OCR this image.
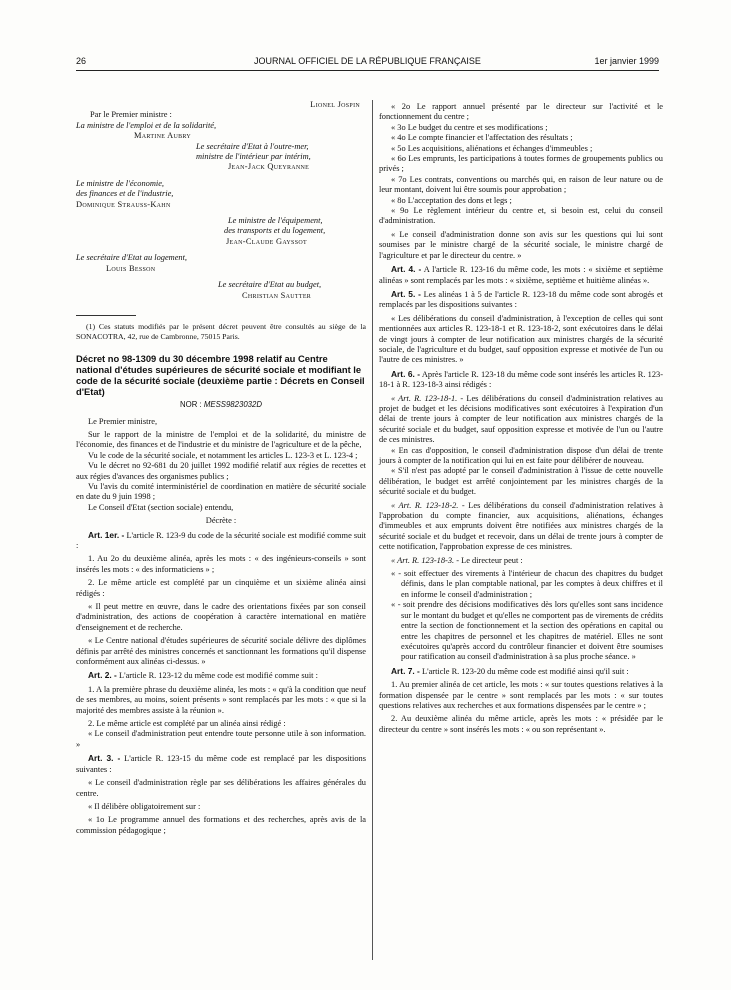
26	JOURNAL OFFICIEL DE LA RÉPUBLIQUE FRANÇAISE	1er janvier 1999

Lionel Jospin

Par le Premier ministre :

La ministre de l'emploi et de la solidarité,

Martine Aubry

Le secrétaire d'Etat à l'outre-mer,

ministre de l'intérieur par intérim,

Jean-Jack Queyranne

Le ministre de l'économie,

des finances et de l'industrie,

Dominique Strauss-Kahn

Le ministre de l'équipement,

des transports et du logement,

Jean-Claude Gayssot

Le secrétaire d'Etat au logement,

Louis Besson

Le secrétaire d'Etat au budget,

Christian Sautter

(1) Ces statuts modifiés par le présent décret peuvent être consultés au siège de la SONACOTRA, 42, rue de Cambronne, 75015 Paris.

Décret no 98-1309 du 30 décembre 1998 relatif au Centre national d'études supérieures de sécurité sociale et modifiant le code de la sécurité sociale (deuxième partie : Décrets en Conseil d'Etat)

NOR : MESS9823032D

Le Premier ministre,

Sur le rapport de la ministre de l'emploi et de la solidarité, du ministre de l'économie, des finances et de l'industrie et du ministre de l'agriculture et de la pêche,

Vu le code de la sécurité sociale, et notamment les articles L. 123-3 et L. 123-4 ;

Vu le décret no 92-681 du 20 juillet 1992 modifié relatif aux régies de recettes et aux régies d'avances des organismes publics ;

Vu l'avis du comité interministériel de coordination en matière de sécurité sociale en date du 9 juin 1998 ;

Le Conseil d'Etat (section sociale) entendu,

Décrète :

Art. 1er. - L'article R. 123-9 du code de la sécurité sociale est modifié comme suit :

1. Au 2o du deuxième alinéa, après les mots : « des ingénieurs-conseils » sont insérés les mots : « des informaticiens » ;

2. Le même article est complété par un cinquième et un sixième alinéa ainsi rédigés :

« Il peut mettre en œuvre, dans le cadre des orientations fixées par son conseil d'administration, des actions de coopération à caractère international en matière d'enseignement et de recherche.

« Le Centre national d'études supérieures de sécurité sociale délivre des diplômes définis par arrêté des ministres concernés et sanctionnant les formations qu'il dispense conformément aux alinéas ci-dessus. »

Art. 2. - L'article R. 123-12 du même code est modifié comme suit :

1. A la première phrase du deuxième alinéa, les mots : « qu'à la condition que neuf de ses membres, au moins, soient présents » sont remplacés par les mots : « que si la majorité des membres assiste à la réunion ».

2. Le même article est complété par un alinéa ainsi rédigé :

« Le conseil d'administration peut entendre toute personne utile à son information. »

Art. 3. - L'article R. 123-15 du même code est remplacé par les dispositions suivantes :

« Le conseil d'administration règle par ses délibérations les affaires générales du centre.

« Il délibère obligatoirement sur :

« 1o Le programme annuel des formations et des recherches, après avis de la commission pédagogique ;

« 2o Le rapport annuel présenté par le directeur sur l'activité et le fonctionnement du centre ;

« 3o Le budget du centre et ses modifications ;

« 4o Le compte financier et l'affectation des résultats ;

« 5o Les acquisitions, aliénations et échanges d'immeubles ;

« 6o Les emprunts, les participations à toutes formes de groupements publics ou privés ;

« 7o Les contrats, conventions ou marchés qui, en raison de leur nature ou de leur montant, doivent lui être soumis pour approbation ;

« 8o L'acceptation des dons et legs ;

« 9o Le règlement intérieur du centre et, si besoin est, celui du conseil d'administration.

« Le conseil d'administration donne son avis sur les questions qui lui sont soumises par le ministre chargé de la sécurité sociale, le ministre chargé de l'agriculture et par le directeur du centre. »

Art. 4. - A l'article R. 123-16 du même code, les mots : « sixième et septième alinéas » sont remplacés par les mots : « sixième, septième et huitième alinéas ».

Art. 5. - Les alinéas 1 à 5 de l'article R. 123-18 du même code sont abrogés et remplacés par les dispositions suivantes :

« Les délibérations du conseil d'administration, à l'exception de celles qui sont mentionnées aux articles R. 123-18-1 et R. 123-18-2, sont exécutoires dans le délai de vingt jours à compter de leur notification aux ministres chargés de la sécurité sociale, de l'agriculture et du budget, sauf opposition expresse et motivée de l'un ou l'autre de ces ministres. »

Art. 6. - Après l'article R. 123-18 du même code sont insérés les articles R. 123-18-1 à R. 123-18-3 ainsi rédigés :

« Art. R. 123-18-1. - Les délibérations du conseil d'administration relatives au projet de budget et les décisions modificatives sont exécutoires à l'expiration d'un délai de trente jours à compter de leur notification aux ministres chargés de la sécurité sociale et du budget, sauf opposition expresse et motivée de l'un ou l'autre de ces ministres.

« En cas d'opposition, le conseil d'administration dispose d'un délai de trente jours à compter de la notification qui lui en est faite pour délibérer de nouveau.

« S'il n'est pas adopté par le conseil d'administration à l'issue de cette nouvelle délibération, le budget est arrêté conjointement par les ministres chargés de la sécurité sociale et du budget.

« Art. R. 123-18-2. - Les délibérations du conseil d'administration relatives à l'approbation du compte financier, aux acquisitions, aliénations, échanges d'immeubles et aux emprunts doivent être notifiées aux ministres chargés de la sécurité sociale et du budget et recevoir, dans un délai de trente jours à compter de cette notification, l'approbation expresse de ces ministres.

« Art. R. 123-18-3. - Le directeur peut :

« - soit effectuer des virements à l'intérieur de chacun des chapitres du budget définis, dans le plan comptable national, par les comptes à deux chiffres et il en informe le conseil d'administration ;

« - soit prendre des décisions modificatives dès lors qu'elles sont sans incidence sur le montant du budget et qu'elles ne comportent pas de virements de crédits entre la section de fonctionnement et la section des opérations en capital ou entre les chapitres de personnel et les chapitres de matériel. Elles ne sont exécutoires qu'après accord du contrôleur financier et doivent être soumises pour ratification au conseil d'administration à sa plus proche séance. »

Art. 7. - L'article R. 123-20 du même code est modifié ainsi qu'il suit :

1. Au premier alinéa de cet article, les mots : « sur toutes questions relatives à la formation dispensée par le centre » sont remplacés par les mots : « sur toutes questions relatives aux recherches et aux formations dispensées par le centre » ;

2. Au deuxième alinéa du même article, après les mots : « présidée par le directeur du centre » sont insérés les mots : « ou son représentant ».
